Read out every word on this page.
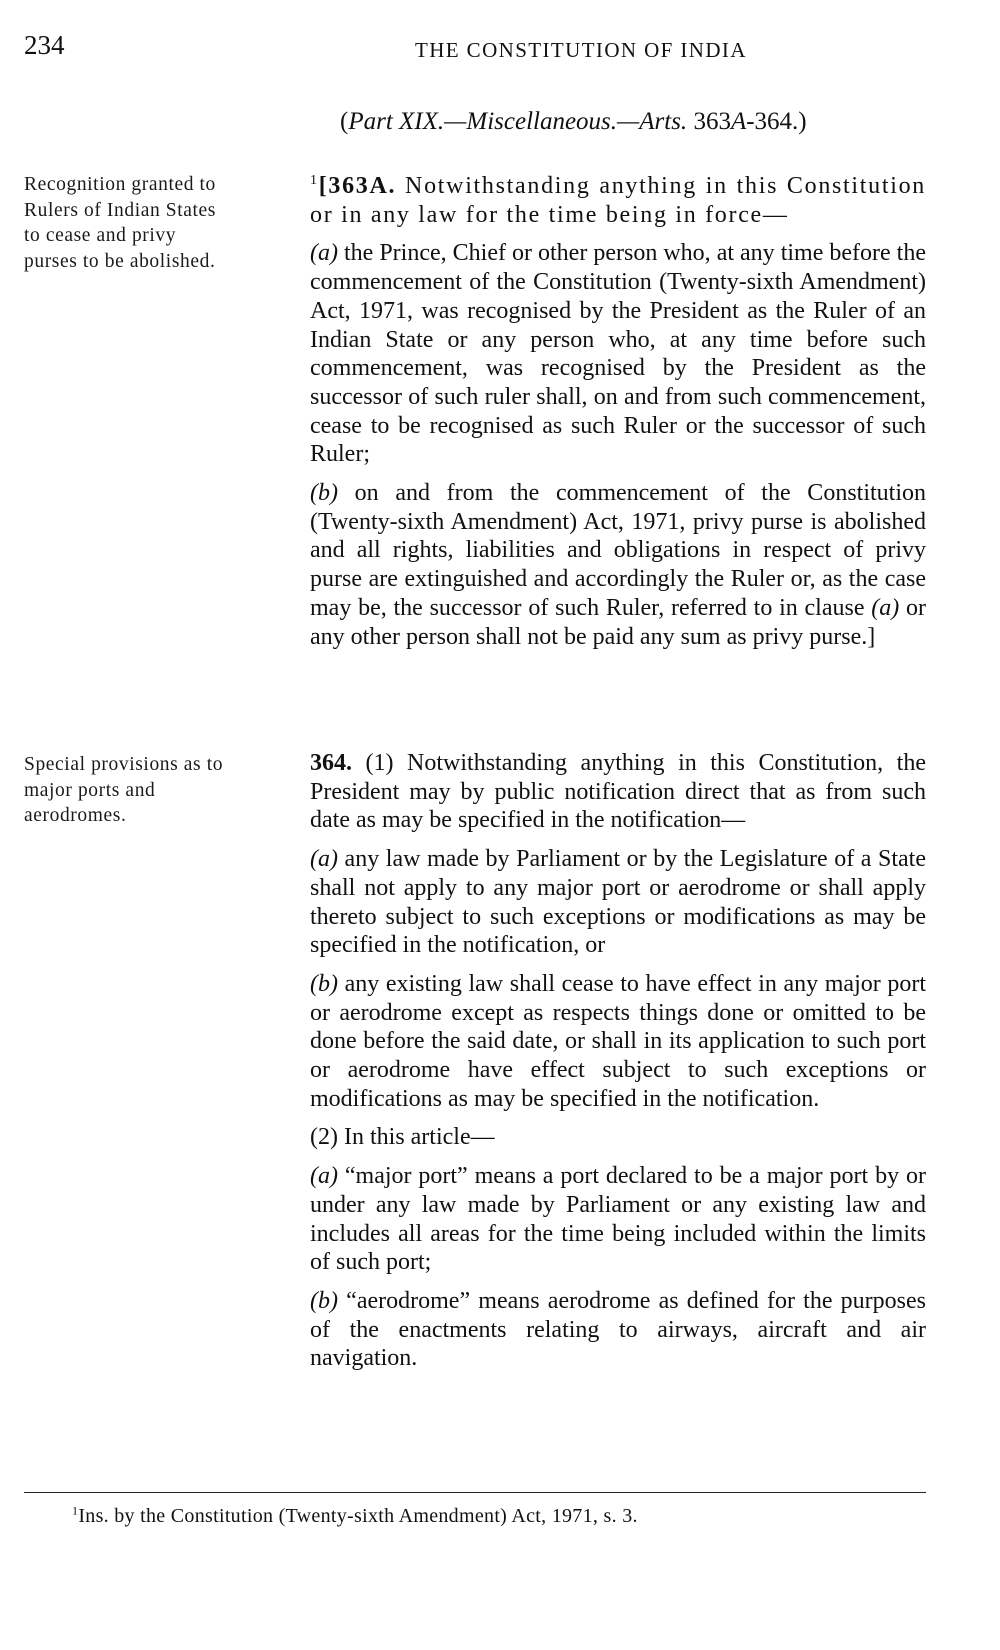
234	THE CONSTITUTION OF INDIA
(Part XIX.—Miscellaneous.—Arts. 363A-364.)
Recognition granted to Rulers of Indian States to cease and privy purses to be abolished.
Special provisions as to major ports and aerodromes.

$^1$[363A. Notwithstanding anything in this Constitution or in any law for the time being in force—

(a) the Prince, Chief or other person who, at any time before the commencement of the Constitution (Twenty-sixth Amendment) Act, 1971, was recognised by the President as the Ruler of an Indian State or any person who, at any time before such commencement, was recognised by the President as the successor of such ruler shall, on and from such commencement, cease to be recognised as such Ruler or the successor of such Ruler;

(b) on and from the commencement of the Constitution (Twenty-sixth Amendment) Act, 1971, privy purse is abolished and all rights, liabilities and obligations in respect of privy purse are extinguished and accordingly the Ruler or, as the case may be, the successor of such Ruler, referred to in clause (a) or any other person shall not be paid any sum as privy purse.]

364. (1) Notwithstanding anything in this Constitution, the President may by public notification direct that as from such date as may be specified in the notification—

(a) any law made by Parliament or by the Legislature of a State shall not apply to any major port or aerodrome or shall apply thereto subject to such exceptions or modifications as may be specified in the notification, or

(b) any existing law shall cease to have effect in any major port or aerodrome except as respects things done or omitted to be done before the said date, or shall in its application to such port or aerodrome have effect subject to such exceptions or modifications as may be specified in the notification.

(2) In this article—

(a) “major port” means a port declared to be a major port by or under any law made by Parliament or any existing law and includes all areas for the time being included within the limits of such port;

(b) “aerodrome” means aerodrome as defined for the purposes of the enactments relating to airways, aircraft and air navigation.

$^1$Ins. by the Constitution (Twenty-sixth Amendment) Act, 1971, s. 3.
